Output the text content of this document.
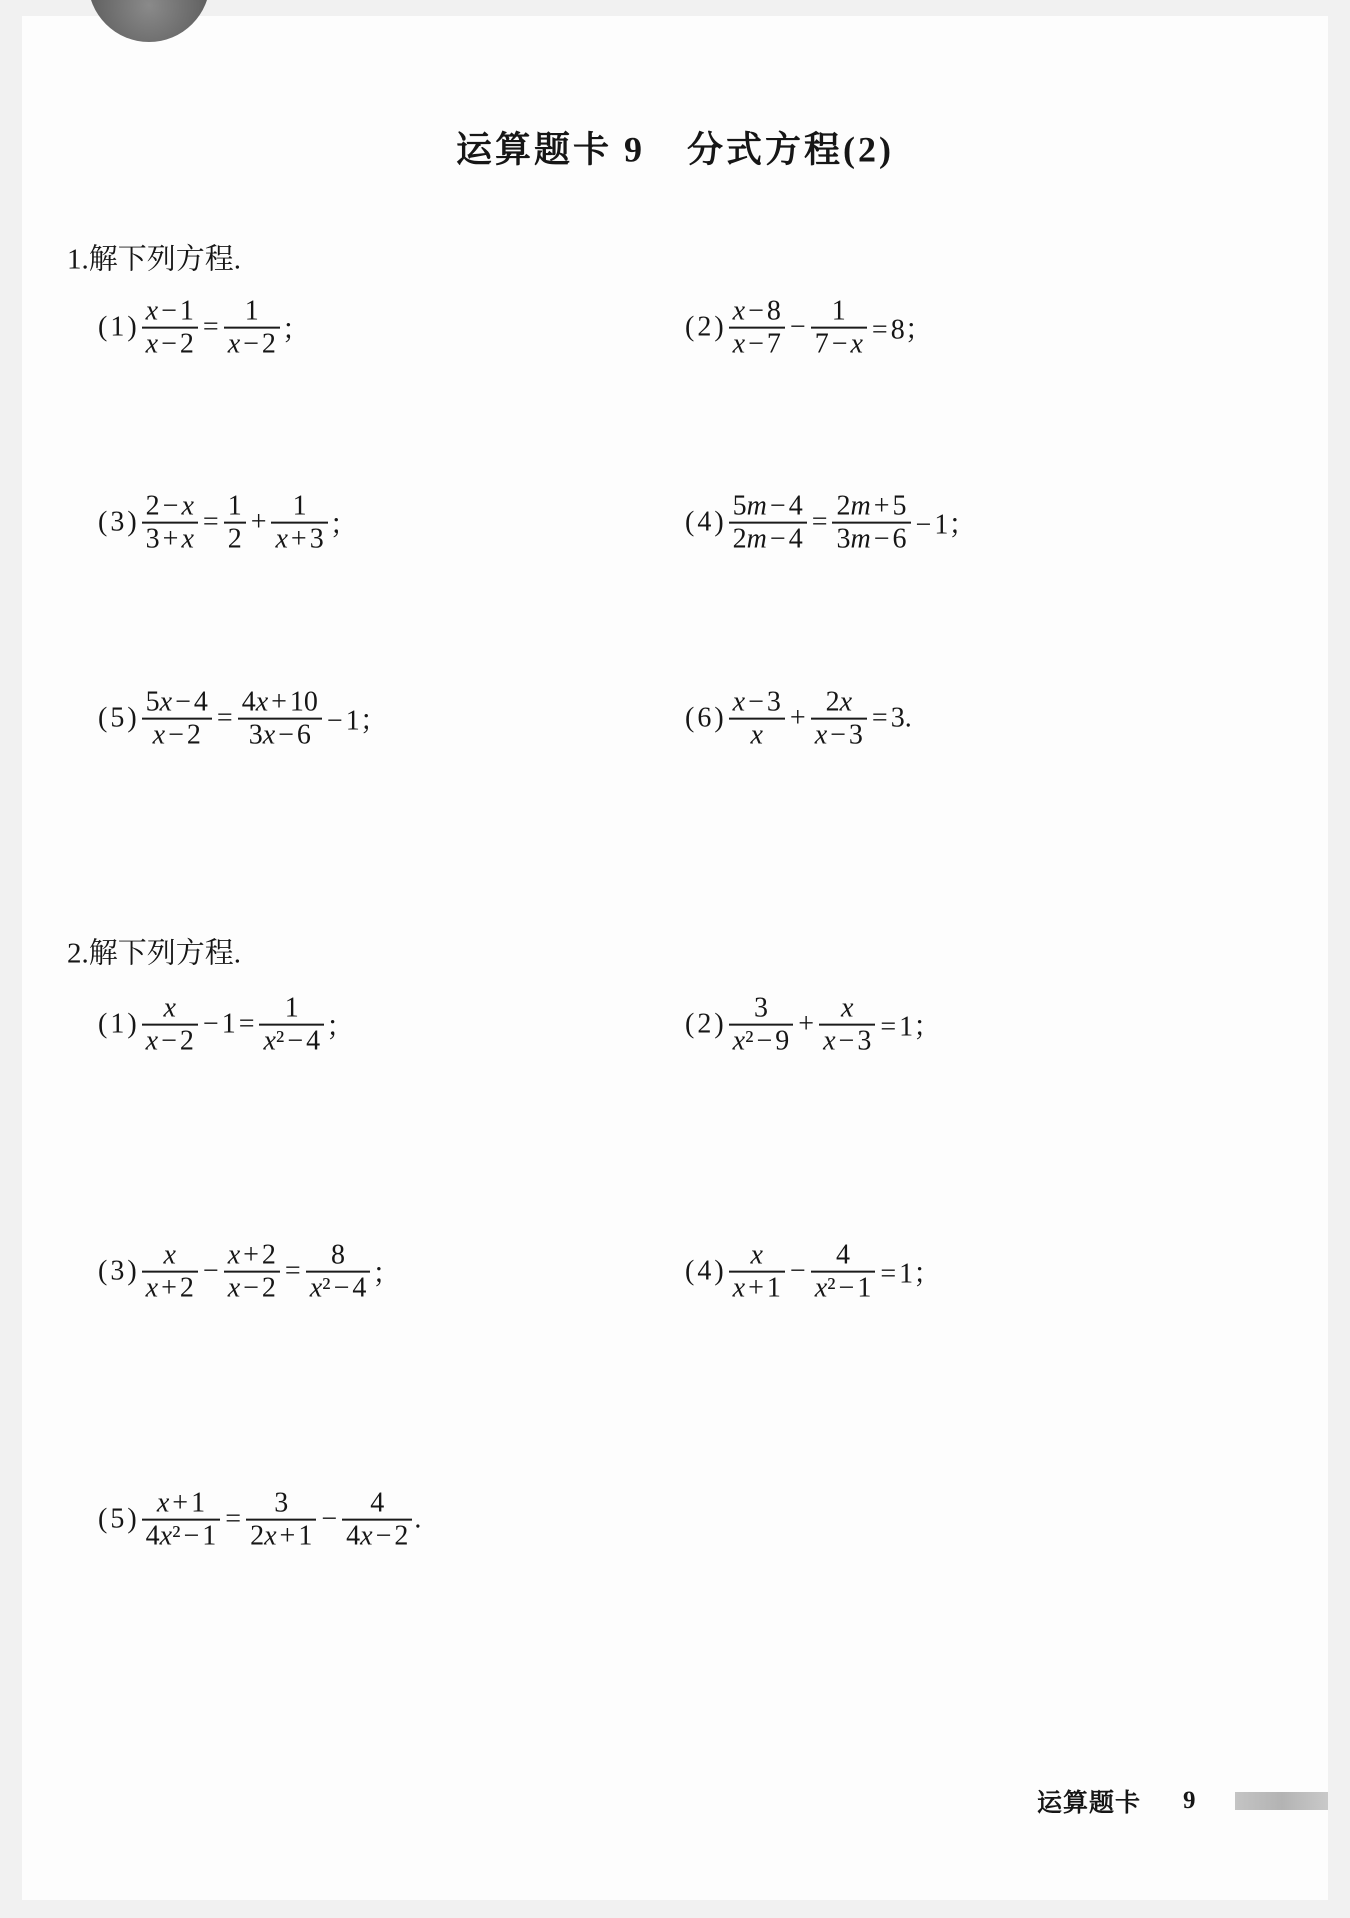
运算题卡 9 分式方程(2)
运算题卡 9
1.解下列方程.
$(1) \frac{x - 1}{x - 2} = \frac{1}{x - 2}$ ；	$(2) \frac{x - 8}{x - 7} - \frac{1}{7 - x} = 8$；
$(3) \frac{2 - x}{3 + x} = \frac{1}{2} + \frac{1}{x + 3}$ ；	$(4) \frac{5m - 4}{2m - 4} = \frac{2m + 5}{3m - 6} - 1$；
$(5) \frac{5x - 4}{x - 2} = \frac{4x + 10}{3x - 6} - 1$；	$(6) \frac{x - 3}{x} + \frac{2x}{x - 3} = 3$.
2.解下列方程.
$(1) \frac{x}{x - 2} - 1 = \frac{1}{\text{x² − 4}}$ ；	$(2) \frac{3}{\text{x² − 9}} + \frac{x}{x - 3} = 1$；
$(3) \frac{x}{x + 2} - \frac{x + 2}{x - 2} = \frac{8}{\text{x² − 4}}$ ；	$(4) \frac{x}{x + 1} - \frac{4}{\text{x² − 1}} = 1$；
$(5) \frac{x + 1}{\text{4x² − 1}} = \frac{3}{2x + 1} - \frac{4}{4x - 2}$ .
